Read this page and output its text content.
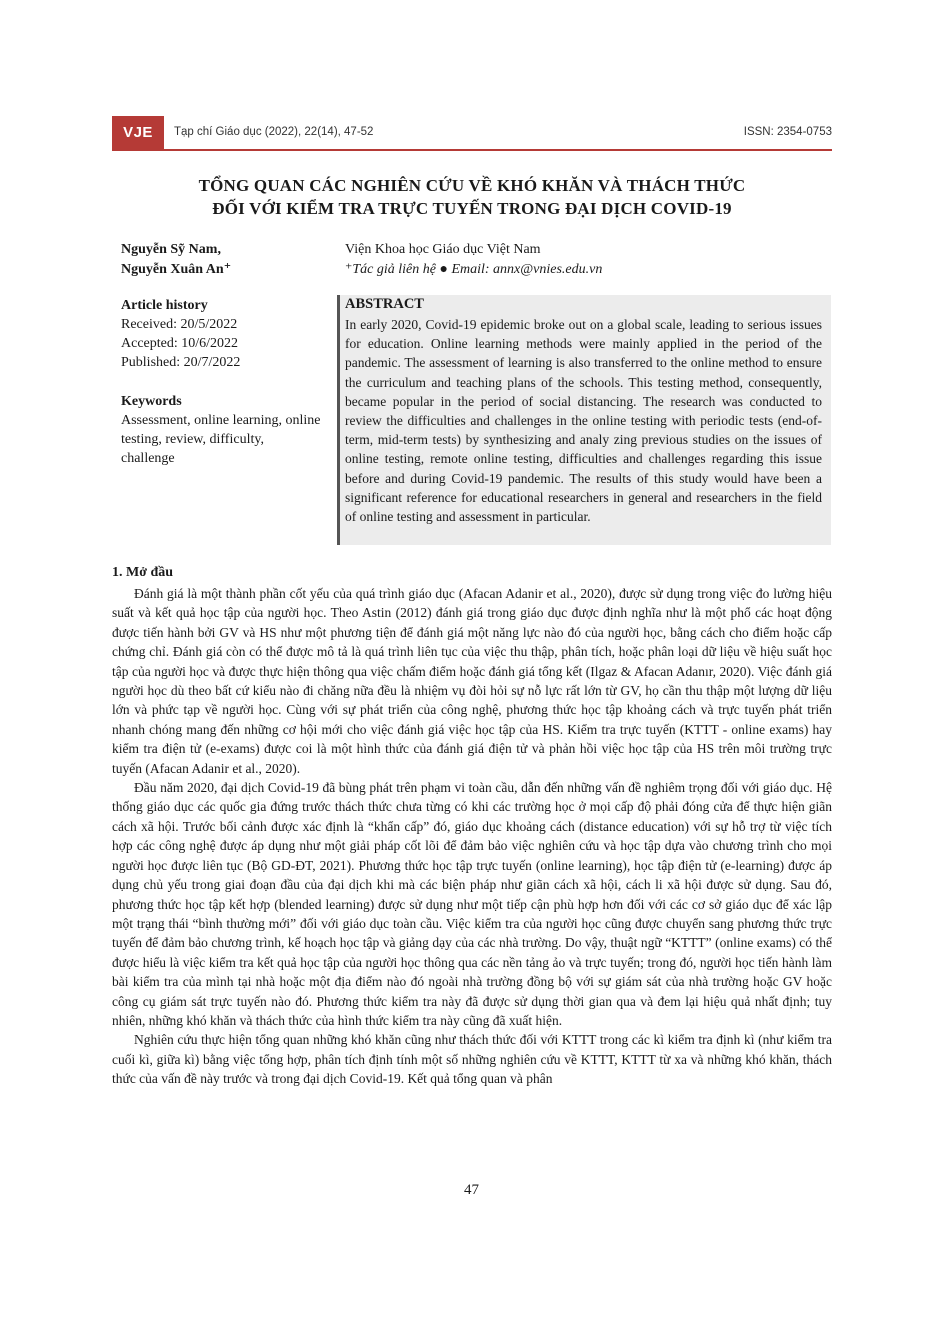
VJE	Tạp chí Giáo dục (2022), 22(14), 47-52	ISSN: 2354-0753
TỔNG QUAN CÁC NGHIÊN CỨU VỀ KHÓ KHĂN VÀ THÁCH THỨC
ĐỐI VỚI KIỂM TRA TRỰC TUYẾN TRONG ĐẠI DỊCH COVID-19
Nguyễn Sỹ Nam,
Nguyễn Xuân An⁺
Viện Khoa học Giáo dục Việt Nam
⁺Tác giả liên hệ ● Email: annx@vnies.edu.vn
Article history
Received: 20/5/2022
Accepted: 10/6/2022
Published: 20/7/2022
Keywords
Assessment, online learning, online testing, review, difficulty, challenge
ABSTRACT
In early 2020, Covid-19 epidemic broke out on a global scale, leading to serious issues for education. Online learning methods were mainly applied in the period of the pandemic. The assessment of learning is also transferred to the online method to ensure the curriculum and teaching plans of the schools. This testing method, consequently, became popular in the period of social distancing. The research was conducted to review the difficulties and challenges in the online testing with periodic tests (end-of-term, mid-term tests) by synthesizing and analy zing previous studies on the issues of online testing, remote online testing, difficulties and challenges regarding this issue before and during Covid-19 pandemic. The results of this study would have been a significant reference for educational researchers in general and researchers in the field of online testing and assessment in particular.
1. Mở đầu

Đánh giá là một thành phần cốt yếu của quá trình giáo dục (Afacan Adanir et al., 2020), được sử dụng trong việc đo lường hiệu suất và kết quả học tập của người học. Theo Astin (2012) đánh giá trong giáo dục được định nghĩa như là một phổ các hoạt động được tiến hành bởi GV và HS như một phương tiện để đánh giá một năng lực nào đó của người học, bằng cách cho điểm hoặc cấp chứng chỉ. Đánh giá còn có thể được mô tả là quá trình liên tục của việc thu thập, phân tích, hoặc phân loại dữ liệu về hiệu suất học tập của người học và được thực hiện thông qua việc chấm điểm hoặc đánh giá tổng kết (Ilgaz & Afacan Adanır, 2020). Việc đánh giá người học dù theo bất cứ kiểu nào đi chăng nữa đều là nhiệm vụ đòi hỏi sự nỗ lực rất lớn từ GV, họ cần thu thập một lượng dữ liệu lớn và phức tạp về người học. Cùng với sự phát triển của công nghệ, phương thức học tập khoảng cách và trực tuyến phát triển nhanh chóng mang đến những cơ hội mới cho việc đánh giá việc học tập của HS. Kiểm tra trực tuyến (KTTT - online exams) hay kiểm tra điện tử (e-exams) được coi là một hình thức của đánh giá điện tử và phản hồi việc học tập của HS trên môi trường trực tuyến (Afacan Adanir et al., 2020).

Đầu năm 2020, đại dịch Covid-19 đã bùng phát trên phạm vi toàn cầu, dẫn đến những vấn đề nghiêm trọng đối với giáo dục. Hệ thống giáo dục các quốc gia đứng trước thách thức chưa từng có khi các trường học ở mọi cấp độ phải đóng cửa để thực hiện giãn cách xã hội. Trước bối cảnh được xác định là “khẩn cấp” đó, giáo dục khoảng cách (distance education) với sự hỗ trợ từ việc tích hợp các công nghệ được áp dụng như một giải pháp cốt lõi để đảm bảo việc nghiên cứu và học tập dựa vào chương trình cho mọi người học được liên tục (Bộ GD-ĐT, 2021). Phương thức học tập trực tuyến (online learning), học tập điện tử (e-learning) được áp dụng chủ yếu trong giai đoạn đầu của đại dịch khi mà các biện pháp như giãn cách xã hội, cách li xã hội được sử dụng. Sau đó, phương thức học tập kết hợp (blended learning) được sử dụng như một tiếp cận phù hợp hơn đối với các cơ sở giáo dục để xác lập một trạng thái “bình thường mới” đối với giáo dục toàn cầu. Việc kiểm tra của người học cũng được chuyển sang phương thức trực tuyến để đảm bảo chương trình, kế hoạch học tập và giảng dạy của các nhà trường. Do vậy, thuật ngữ “KTTT” (online exams) có thể được hiểu là việc kiểm tra kết quả học tập của người học thông qua các nền tảng ảo và trực tuyến; trong đó, người học tiến hành làm bài kiểm tra của mình tại nhà hoặc một địa điểm nào đó ngoài nhà trường đồng bộ với sự giám sát của nhà trường hoặc GV hoặc công cụ giám sát trực tuyến nào đó. Phương thức kiểm tra này đã được sử dụng thời gian qua và đem lại hiệu quả nhất định; tuy nhiên, những khó khăn và thách thức của hình thức kiểm tra này cũng đã xuất hiện.

Nghiên cứu thực hiện tổng quan những khó khăn cũng như thách thức đối với KTTT trong các kì kiểm tra định kì (như kiểm tra cuối kì, giữa kì) bằng việc tổng hợp, phân tích định tính một số những nghiên cứu về KTTT, KTTT từ xa và những khó khăn, thách thức của vấn đề này trước và trong đại dịch Covid-19. Kết quả tổng quan và phân

47
